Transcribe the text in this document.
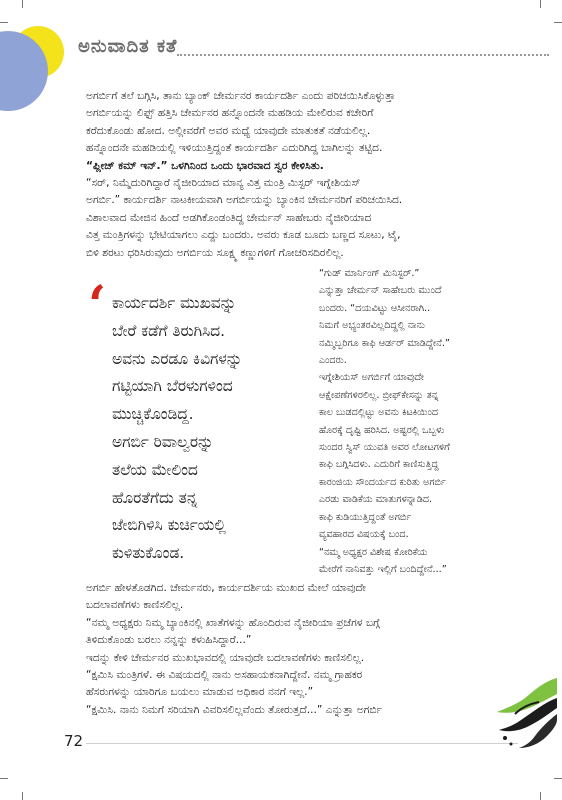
ಅನುವಾದಿತ ಕತೆ
ಅಗರ್ಬಿಗೆ ತಲೆ ಬಗ್ಗಿಸಿ, ತಾನು ಬ್ಯಾಂಕ್ ಚೇರ್ಮನರ ಕಾರ್ಯದರ್ಶಿ ಎಂದು ಪರಿಚಯಿಸಿಕೊಳ್ಳುತ್ತಾ
ಅಗರ್ಬಿಯನ್ನು ಲಿಫ್ಟ್ ಹತ್ತಿಸಿ ಚೇರ್ಮನರ ಹನ್ನೊಂದನೇ ಮಹಡಿಯ ಮೇಲಿರುವ ಕಚೇರಿಗೆ
ಕರೆದುಕೊಂಡು ಹೋದ. ಅಲ್ಲೀವರೆಗೆ ಅವರ ಮಧ್ಯೆ ಯಾವುದೇ ಮಾತುಕತೆ ನಡೆಯಲಿಲ್ಲ.
ಹನ್ನೊಂದನೇ ಮಹಡಿಯಲ್ಲಿ ಇಳಿಯುತ್ತಿದ್ದಂತೆ ಕಾರ್ಯದರ್ಶಿ ಎದುರಿಗಿದ್ದ ಬಾಗಿಲನ್ನು ತಟ್ಟಿದ.
“ಪ್ಲೀಜ್ ಕಮ್ ಇನ್.” ಒಳಗಿನಿಂದ ಒಂದು ಭಾರವಾದ ಸ್ವರ ಕೇಳಿಸಿತು.
“ಸರ್, ನಿಮ್ಮೆದುರಿಗಿದ್ದಾರೆ ನೈಜೀರಿಯಾದ ಮಾನ್ಯ ವಿತ್ತ ಮಂತ್ರಿ ಮಿಸ್ಟರ್ ಇಗ್ನೇಶಿಯಸ್
ಅಗರ್ಬಿ.” ಕಾರ್ಯದರ್ಶಿ ನಾಟಕೀಯವಾಗಿ ಅಗರ್ಬಿಯನ್ನು ಬ್ಯಾಂಕಿನ ಚೇರ್ಮನರಿಗೆ ಪರಿಚಯಿಸಿದ.
ವಿಶಾಲವಾದ ಮೇಜಿನ ಹಿಂದೆ ಅಡಗಿಕೊಂಡಂತಿದ್ದ ಚೇರ್ಮನ್ ಸಾಹೇಬರು ನೈಜೀರಿಯಾದ
ವಿತ್ತ ಮಂತ್ರಿಗಳನ್ನು ಭೇಟಿಯಾಗಲು ಎದ್ದು ಬಂದರು. ಅವರು ಕೂಡ ಬೂದು ಬಣ್ಣದ ಸೂಟು, ಟೈ,
ಬಿಳಿ ಶರಟು ಧರಿಸಿರುವುದು ಅಗರ್ಬಿಯ ಸೂಕ್ಷ್ಮ ಕಣ್ಣುಗಳಿಗೆ ಗೋಚರಿಸದಿರಲಿಲ್ಲ.
‘ ಕಾರ್ಯದರ್ಶಿ ಮುಖವನ್ನು
ಬೇರೆ ಕಡೆಗೆ ತಿರುಗಿಸಿದ.
ಅವನು ಎರಡೂ ಕಿವಿಗಳನ್ನು
ಗಟ್ಟಿಯಾಗಿ ಬೆರಳುಗಳಿಂದ
ಮುಚ್ಚಿಕೊಂಡಿದ್ದ.
ಅಗರ್ಬಿ ರಿವಾಲ್ವರನ್ನು
ತಲೆಯ ಮೇಲಿಂದ
ಹೊರತೆಗೆದು ತನ್ನ
ಜೇಬಿಗಿಳಿಸಿ ಕುರ್ಚಿಯಲ್ಲಿ
ಕುಳಿತುಕೊಂಡ.
“ಗುಡ್ ಮಾರ್ನಿಂಗ್ ಮಿನಿಸ್ಟರ್.”
ಎನ್ನುತ್ತಾ ಚೇರ್ಮನ್ ಸಾಹೇಬರು ಮುಂದೆ
ಬಂದರು. “ದಯವಿಟ್ಟು ಆಸೀನರಾಗಿ..
ನಿಮಗೆ ಅಭ್ಯಂತರವಿಲ್ಲದಿದ್ದಲ್ಲಿ ನಾನು
ನಮ್ಮಿಬ್ಬರಿಗೂ ಕಾಫಿ ಆರ್ಡರ್ ಮಾಡಿದ್ದೇನೆ.”
ಎಂದರು.
ಇಗ್ನೇಶಿಯಸ್ ಅಗರ್ಬಿಗೆ ಯಾವುದೇ
ಆಕ್ಷೇಪಣೆಗಳಿರಲಿಲ್ಲ. ಬ್ರೀಫ್‌ಕೇಸನ್ನು ತನ್ನ
ಕಾಲ ಬುಡದಲ್ಲಿಟ್ಟು ಅವನು ಕಿಟಕಿಯಿಂದ
ಹೊರಕ್ಕೆ ದೃಷ್ಟಿ ಹರಿಸಿದ. ಅಷ್ಟರಲ್ಲಿ ಒಬ್ಬಳು
ಸುಂದರ ಸ್ವಿಸ್ ಯುವತಿ ಅವರ ಲೋಟಗಳಿಗೆ
ಕಾಫಿ ಬಗ್ಗಿಸಿದಳು. ಎದುರಿಗೆ ಕಾಣಿಸುತ್ತಿದ್ದ
ಕಾರಂಜಿಯ ಸೌಂದರ್ಯದ ಕುರಿತು ಅಗರ್ಬಿ
ಎರಡು ವಾಡಿಕೆಯ ಮಾತುಗಳನ್ನಾಡಿದ.
ಕಾಫಿ ಕುಡಿಯುತ್ತಿದ್ದಂತೆ ಅಗರ್ಬಿ
ವ್ಯವಹಾರದ ವಿಷಯಕ್ಕೆ ಬಂದ.
“ನಮ್ಮ ಅಧ್ಯಕ್ಷರ ವಿಶೇಷ ಕೋರಿಕೆಯ
ಮೇರೆಗೆ ನಾನಿವತ್ತು ಇಲ್ಲಿಗೆ ಬಂದಿದ್ದೇನೆ...”
ಅಗರ್ಬಿ ಹೇಳತೊಡಗಿದ. ಚೇರ್ಮನರು, ಕಾರ್ಯದರ್ಶಿಯ ಮುಖದ ಮೇಲೆ ಯಾವುದೇ
ಬದಲಾವಣೆಗಳು ಕಾಣಿಸಲಿಲ್ಲ.
“ನಮ್ಮ ಅಧ್ಯಕ್ಷರು ನಿಮ್ಮ ಬ್ಯಾಂಕಿನಲ್ಲಿ ಖಾತೆಗಳನ್ನು ಹೊಂದಿರುವ ನೈಜೀರಿಯಾ ಪ್ರಜೆಗಳ ಬಗ್ಗೆ
ತಿಳಿದುಕೊಂಡು ಬರಲು ನನ್ನನ್ನು ಕಳುಹಿಸಿದ್ದಾರೆ...”
ಇದನ್ನು ಕೇಳಿ ಚೇರ್ಮನರ ಮುಖಭಾವದಲ್ಲಿ ಯಾವುದೇ ಬದಲಾವಣೆಗಳು ಕಾಣಿಸಲಿಲ್ಲ.
“ಕ್ಷಮಿಸಿ ಮಂತ್ರಿಗಳೆ. ಈ ವಿಷಯದಲ್ಲಿ ನಾನು ಅಸಹಾಯಕನಾಗಿದ್ದೇನೆ. ನಮ್ಮ ಗ್ರಾಹಕರ
ಹೆಸರುಗಳನ್ನು ಯಾರಿಗೂ ಬಯಲು ಮಾಡುವ ಅಧಿಕಾರ ನನಗೆ ಇಲ್ಲ.”
“ಕ್ಷಮಿಸಿ. ನಾನು ನಿಮಗೆ ಸರಿಯಾಗಿ ವಿವರಿಸಲಿಲ್ಲವೆಂದು ತೋರುತ್ತದೆ...” ಎನ್ನುತ್ತಾ ಅಗರ್ಬಿ
72
